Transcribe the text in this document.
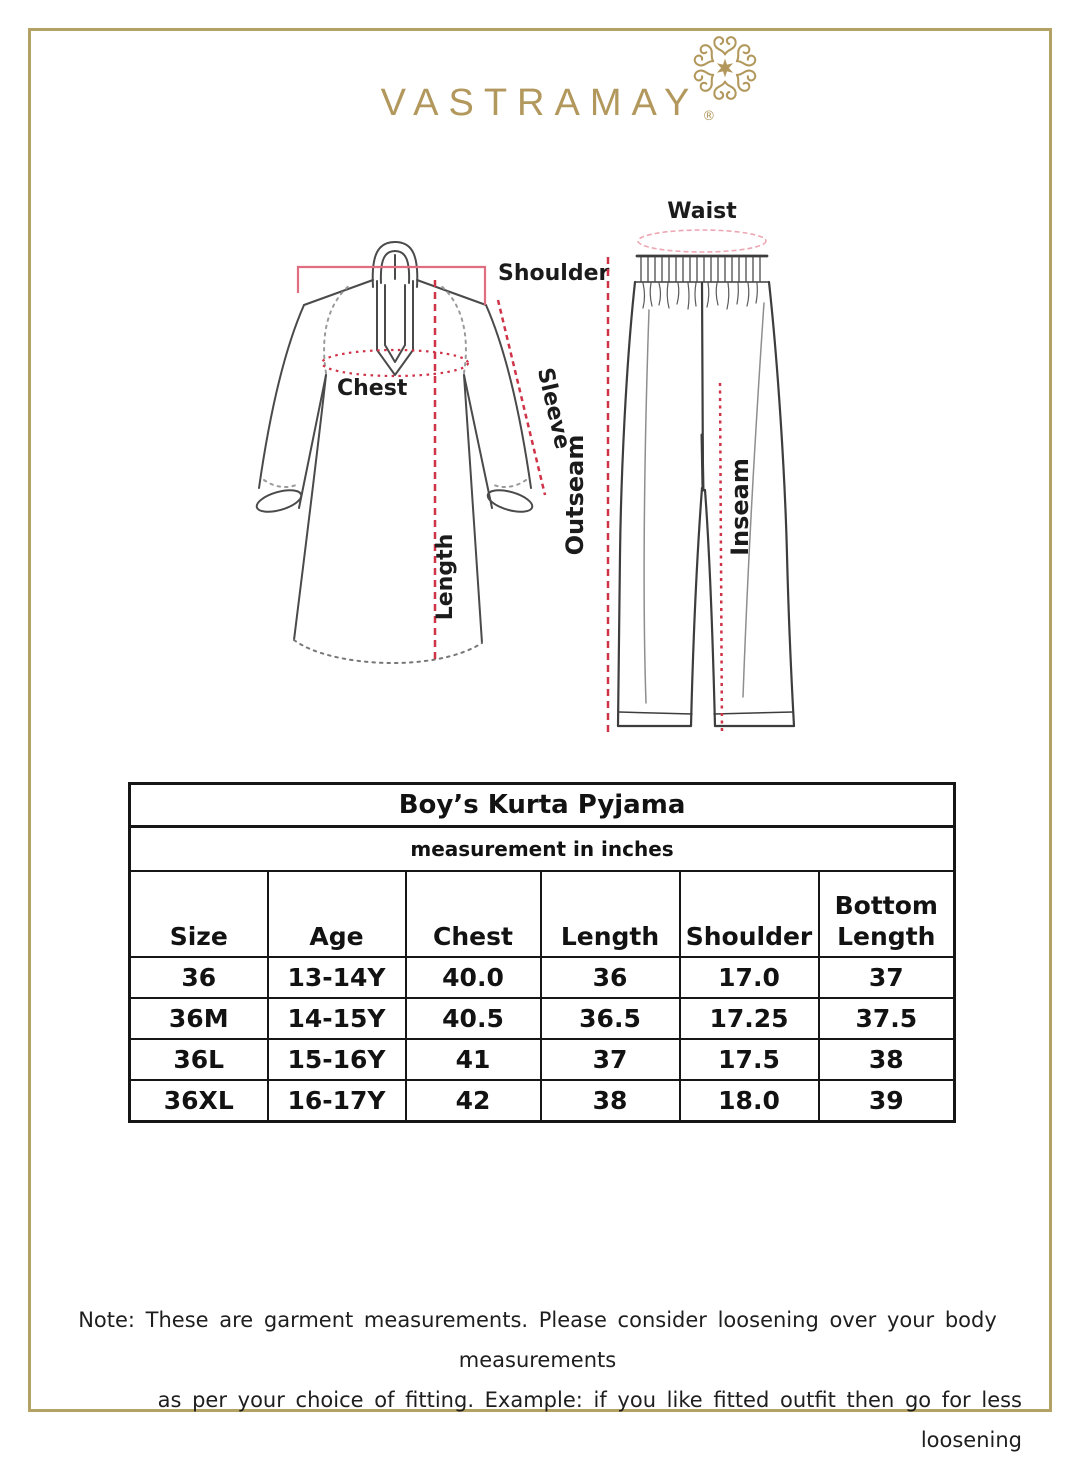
VASTRAMAY ®
Shoulder
Chest	Sleeve
Length
Waist
Outseam	Inseam
Boy’s Kurta Pyjama					
measurement in inches					
Size	Age	Chest	Length	Shoulder	Bottom Length
36	13-14Y	40.0	36	17.0	37
36M	14-15Y	40.5	36.5	17.25	37.5
36L	15-16Y	41	37	17.5	38
36XL	16-17Y	42	38	18.0	39
Note: These are garment measurements. Please consider loosening over your body measurements
as per your choice of fitting. Example: if you like fitted outfit then go for less loosening
